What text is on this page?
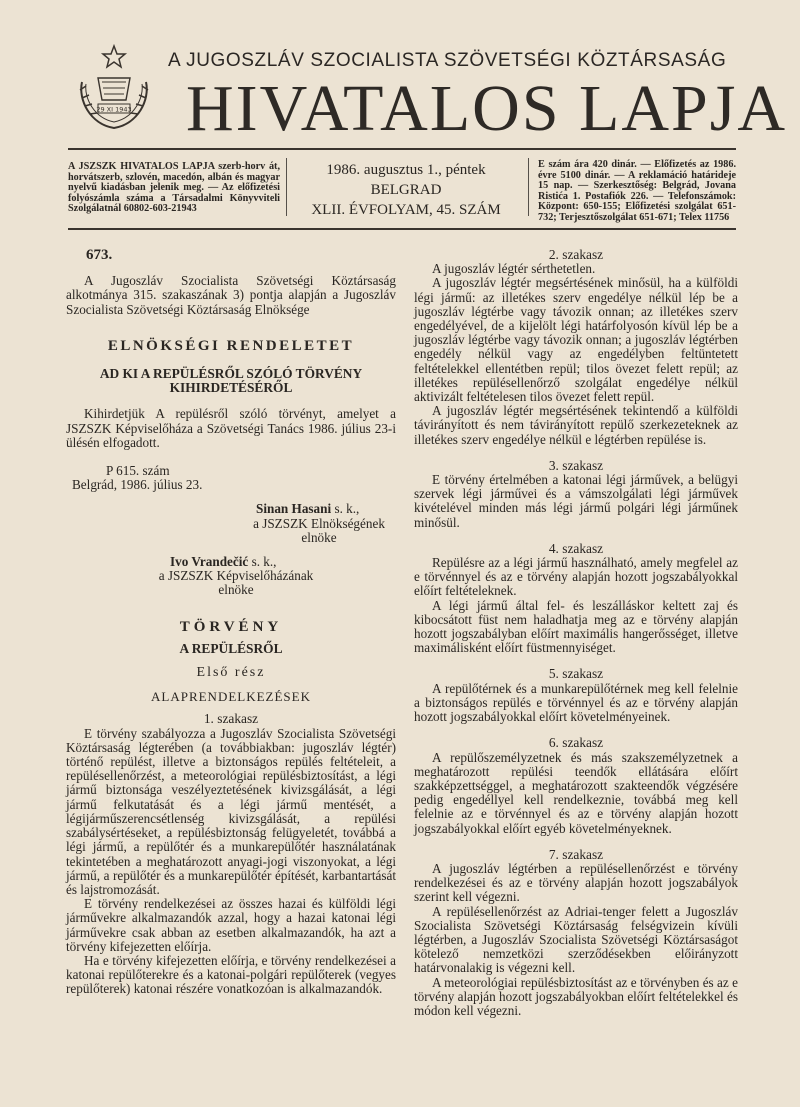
29 XI 1943
A JUGOSZLÁV SZOCIALISTA SZÖVETSÉGI KÖZTÁRSASÁG
HIVATALOS LAPJA
A JSZSZK HIVATALOS LAPJA szerb-horv át, horvátszerb, szlovén, macedón, albán és magyar nyelvű kiadásban jelenik meg. — Az előfizetési folyószámla száma a Társadalmi Könyvviteli Szolgálatnál 60802-603-21943
1986. augusztus 1., péntek
BELGRAD
XLII. ÉVFOLYAM, 45. SZÁM
E szám ára 420 dinár. — Előfizetés az 1986. évre 5100 dinár. — A reklamáció határideje 15 nap. — Szerkesztőség: Belgrád, Jovana Ristića 1. Postafiók 226. — Telefonszámok: Központ: 650-155; Előfizetési szolgálat 651-732; Terjesztőszolgálat 651-671; Telex 11756
673.

A Jugoszláv Szocialista Szövetségi Köztársaság alkotmánya 315. szakaszának 3) pontja alapján a Jugoszláv Szocialista Szövetségi Köztársaság Elnöksége

ELNÖKSÉGI RENDELETET
AD KI A REPÜLÉSRŐL SZÓLÓ TÖRVÉNY KIHIRDETÉSÉRŐL

Kihirdetjük A repülésről szóló törvényt, amelyet a JSZSZK Képviselőháza a Szövetségi Tanács 1986. július 23-i ülésén elfogadott.

P 615. szám

Belgrád, 1986. július 23.

Sinan Hasani s. k.,
a JSZSZK Elnökségének elnöke
Ivo Vrandečić s. k.,
a JSZSZK Képviselőházának elnöke
TÖRVÉNY
A REPÜLÉSRŐL
Első rész
ALAPRENDELKEZÉSEK
1. szakasz

E törvény szabályozza a Jugoszláv Szocialista Szövetségi Köztársaság légterében (a továbbiakban: jugoszláv légtér) történő repülést, illetve a biztonságos repülés feltételeit, a repülésellenőrzést, a meteorológiai repülésbiztosítást, a légi jármű biztonsága veszélyeztetésének kivizsgálását, a légi jármű felkutatását és a légi jármű mentését, a légijárműszerencsétlenség kivizsgálását, a repülési szabálysértéseket, a repülésbiztonság felügyeletét, továbbá a légi jármű, a repülőtér és a munkarepülőtér használatának tekintetében a meghatározott anyagi-jogi viszonyokat, a légi jármű, a repülőtér és a munkarepülőtér építését, karbantartását és lajstromozását.

E törvény rendelkezései az összes hazai és külföldi légi járművekre alkalmazandók azzal, hogy a hazai katonai légi járművekre csak abban az esetben alkalmazandók, ha azt a törvény kifejezetten előírja.

Ha e törvény kifejezetten előírja, e törvény rendelkezései a katonai repülőterekre és a katonai-polgári repülőterek (vegyes repülőterek) katonai részére vonatkozóan is alkalmazandók.

2. szakasz

A jugoszláv légtér sérthetetlen.

A jugoszláv légtér megsértésének minősül, ha a külföldi légi jármű: az illetékes szerv engedélye nélkül lép be a jugoszláv légtérbe vagy távozik onnan; az illetékes szerv engedélyével, de a kijelölt légi határfolyosón kívül lép be a jugoszláv légtérbe vagy távozik onnan; a jugoszláv légtérben engedély nélkül vagy az engedélyben feltüntetett feltételekkel ellentétben repül; tilos övezet felett repül; az illetékes repülésellenőrző szolgálat engedélye nélkül aktivizált feltételesen tilos övezet felett repül.

A jugoszláv légtér megsértésének tekintendő a külföldi távirányított és nem távirányított repülő szerkezeteknek az illetékes szerv engedélye nélkül e légtérben repülése is.

3. szakasz

E törvény értelmében a katonai légi járművek, a belügyi szervek légi járművei és a vámszolgálati légi járművek kivételével minden más légi jármű polgári légi járműnek minősül.

4. szakasz

Repülésre az a légi jármű használható, amely megfelel az e törvénnyel és az e törvény alapján hozott jogszabályokkal előírt feltételeknek.

A légi jármű által fel- és leszálláskor keltett zaj és kibocsátott füst nem haladhatja meg az e törvény alapján hozott jogszabályban előírt maximális hangerősséget, illetve maximálisként előírt füstmennyiséget.

5. szakasz

A repülőtérnek és a munkarepülőtérnek meg kell felelnie a biztonságos repülés e törvénnyel és az e törvény alapján hozott jogszabályokkal előírt követelményeinek.

6. szakasz

A repülőszemélyzetnek és más szakszemélyzetnek a meghatározott repülési teendők ellátására előírt szakképzettséggel, a meghatározott szakteendők végzésére pedig engedéllyel kell rendelkeznie, továbbá meg kell felelnie az e törvénnyel és az e törvény alapján hozott jogszabályokkal előírt egyéb követelményeknek.

7. szakasz

A jugoszláv légtérben a repülésellenőrzést e törvény rendelkezései és az e törvény alapján hozott jogszabályok szerint kell végezni.

A repülésellenőrzést az Adriai-tenger felett a Jugoszláv Szocialista Szövetségi Köztársaság felségvizein kívüli légtérben, a Jugoszláv Szocialista Szövetségi Köztársaságot kötelező nemzetközi szerződésekben előirányzott határvonalakig is végezni kell.

A meteorológiai repülésbiztosítást az e törvényben és az e törvény alapján hozott jogszabályokban előírt feltételekkel és módon kell végezni.
